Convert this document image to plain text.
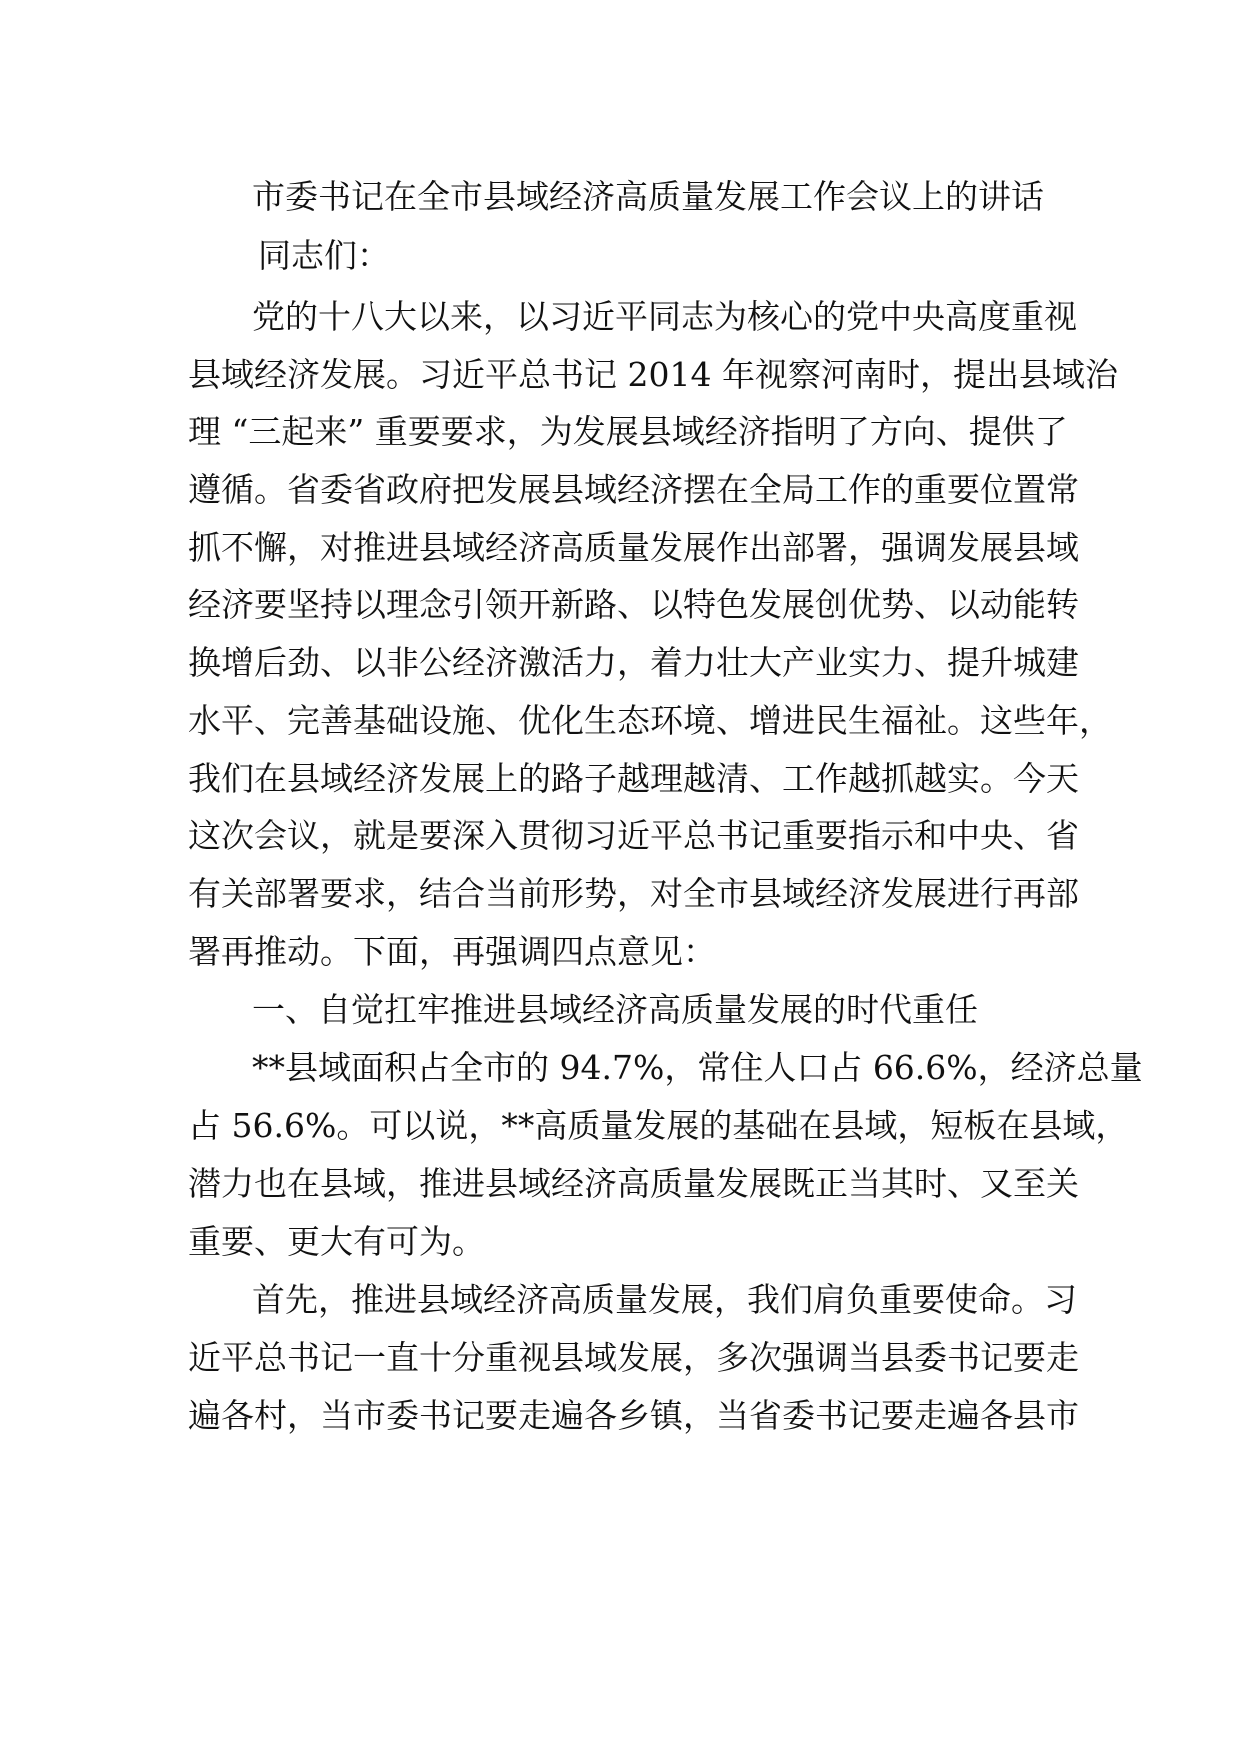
市委书记在全市县域经济高质量发展工作会议上的讲话
同志们：
党的十八大以来，以习近平同志为核心的党中央高度重视
县域经济发展。习近平总书记 2014 年视察河南时，提出县域治
理 “三起来” 重要要求，为发展县域经济指明了方向、提供了
遵循。省委省政府把发展县域经济摆在全局工作的重要位置常
抓不懈，对推进县域经济高质量发展作出部署，强调发展县域
经济要坚持以理念引领开新路、以特色发展创优势、以动能转
换增后劲、以非公经济激活力，着力壮大产业实力、提升城建
水平、完善基础设施、优化生态环境、增进民生福祉。这些年，
我们在县域经济发展上的路子越理越清、工作越抓越实。今天
这次会议，就是要深入贯彻习近平总书记重要指示和中央、省
有关部署要求，结合当前形势，对全市县域经济发展进行再部
署再推动。下面，再强调四点意见：
一、自觉扛牢推进县域经济高质量发展的时代重任
**县域面积占全市的 94.7%，常住人口占 66.6%，经济总量
占 56.6%。可以说，**高质量发展的基础在县域，短板在县域，
潜力也在县域，推进县域经济高质量发展既正当其时、又至关
重要、更大有可为。
首先，推进县域经济高质量发展，我们肩负重要使命。习
近平总书记一直十分重视县域发展，多次强调当县委书记要走
遍各村，当市委书记要走遍各乡镇，当省委书记要走遍各县市
